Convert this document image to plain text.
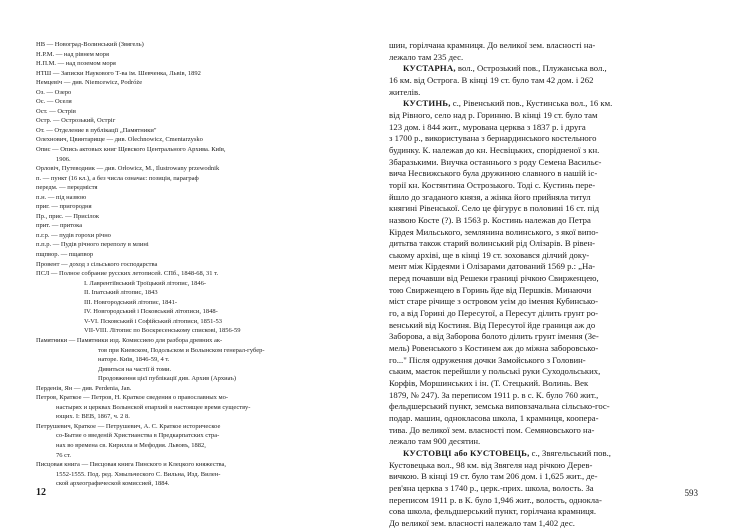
НВ — Новоград-Волинський (Звягель)
Н.Р.М. — над рівнем моря
Н.П.М. — над поземом моря
НТШ — Записки Наукового Т-ва ім. Шевченка, Львів, 1892
Немцевіч — див. Niemcewicz, Podróże
Оз. — Озеро
Ос. — Оселя
Ост. — Острів
Остр. — Острозький, Остріг
От. — Отделение в публікації „Памятники"
Олехнович, Цвинтарище — див. Olechnowicz, Cmentarzysko
Опис — Опись актовых книг Щевского Центрального Архива. Київ,
1906.
Орловіч, Путеводник — див. Orłowicz, M., Ilustrowany przewodnik
п. — пункт (16 кл.), а без числа означає: позиція, параграф
передм. — передмістя
п.н. — під назвою
приг. — пригородня
Пр., прис. — Присілок
прит. — притока
п.г.р. — пудів горохи річно
п.п.р. — Пудів річного переполу в млині
пщпвор. — пщапвор
Провент — доход з сільського господарства
ПСЛ — Полное собрание русских летописей. СПб., 1848-68, 31 т.
I. Лаврентіївський Троїцький літопис, 1846-
II. Іпатський літопис, 1843
III. Новгородський літопис, 1841-
IV. Новгородський і Псковський літописи, 1848-
V-VI. Псковський і Софійський літописи, 1851-53
VII-VIII. Літопис по Воскресенському спискові, 1856-59
Памятники — Памятники изд. Комиссиею для разбора древних ак-
тов при Киевском, Подольском и Волынском генерал-губер-
наторе. Київ, 1846-59, 4 т.
Дивиться на частії й томи.
Продовження цієї публікації див. Архив (Архиаъ)
Перденія, Ян — див. Perdenia, Jan.
Петров, Краткое — Петров, Н. Краткое сведения о православных мо-
настырях и церквах Волынской епархий в настоящее время существу-
ющих. І: ВЕВ, 1867, ч. 2 8.
Петрушевич, Краткое — Петрушевич, А. С. Краткое историческое
со-Бытие о введеній Христианства в Предкарпатских стра-
нах во времена св. Кирилла и Мефодия. Львовъ, 1882,
76 ст.
Писцовая книга — Писцовая книга Пинского и Клецкого княжества,
1552-1555. Под. ред. Хмыльческого С. Вильна, Изд. Вилен-
ской археографической комиссией, 1884.
12
шин, горілчана крамниця. До великої зем. власності на-
лежало там 235 дес.
КУСТАРНА, вол., Острозький пов., Плужанська вол.,
16 км. від Острога. В кінці 19 ст. було там 42 дом. і 262
жителів.
КУСТИНЬ, с., Рівенський пов., Кустинська вол., 16 км.
від Рівного, село над р. Горинню. В кінці 19 ст. було там
123 дом. і 844 жит., мурована церква з 1837 р. і друга
з 1700 р., використувана з бернардинського костельного
будинку. К. належав до кн. Несвіцьких, спорідненої з кн.
Збаразькими. Внучка останнього з роду Семена Васильє-
вича Несвижського була дружиною славного в нашій іс-
торії кн. Костянтина Острозького. Тоді с. Кустинь пере-
йшло до згаданого князя, а жінка його прийняла титул
княгині Рівенської. Село це фігурує в половині 16 ст. під
назвою Косте (?). В 1563 р. Костинь належав до Петра
Кірдея Мильського, землянина волинського, з якої випо-
дитьтва також старий волинський рід Олізарів. В рівен-
ському архіві, ще в кінці 19 ст. зоховався ділчий доку-
мент між Кірдеями і Олізарами датований 1569 р.: „На-
перед почавши від Решеки границі річкою Свирженцею,
тою Свирженцею в Горинь йде від Першків. Минаючи
міст старе річище з островом уєім до імення Кубинсько-
го, а від Горині до Пересутої, а Пересут ділить грунт ро-
венський від Костиня. Від Пересутої йде границя аж до
Заборова, а від Заборова болото ділить грунт імення (Зе-
мель) Ровенського з Костинем аж до міжна заборовсько-
го..." Після одруження дочки Замойського з Головин-
ським, маєток перейшли у польські руки Суходольських,
Корфів, Моршинських і ін. (Т. Стецький. Волинь. Век
1879, № 247). За переписом 1911 р. в с. К. було 760 жит.,
фельдшерський пункт, земська виповзачальна сільсько-гос-
подар. машин, однокласова школа, 1 крамниця, коопера-
тива. До великої зем. власності пом. Семяновського на-
лежало там 900 десятин.
КУСТОВЦІ або КУСТОВЕЦЬ, с., Звягельський пов.,
Кустовецька вол., 98 км. від Звягеля над річкою Дерев-
вичкою. В кінці 19 ст. було там 206 дом. і 1,625 жит., де-
рев'яна церква з 1740 р., церк.-прих. школа, волость. За
переписом 1911 р. в К. було 1,946 жит., волость, одноклa-
сова школа, фельдшерський пункт, горілчана крамниця.
До великої зем. власності належало там 1,402 дес.
593
